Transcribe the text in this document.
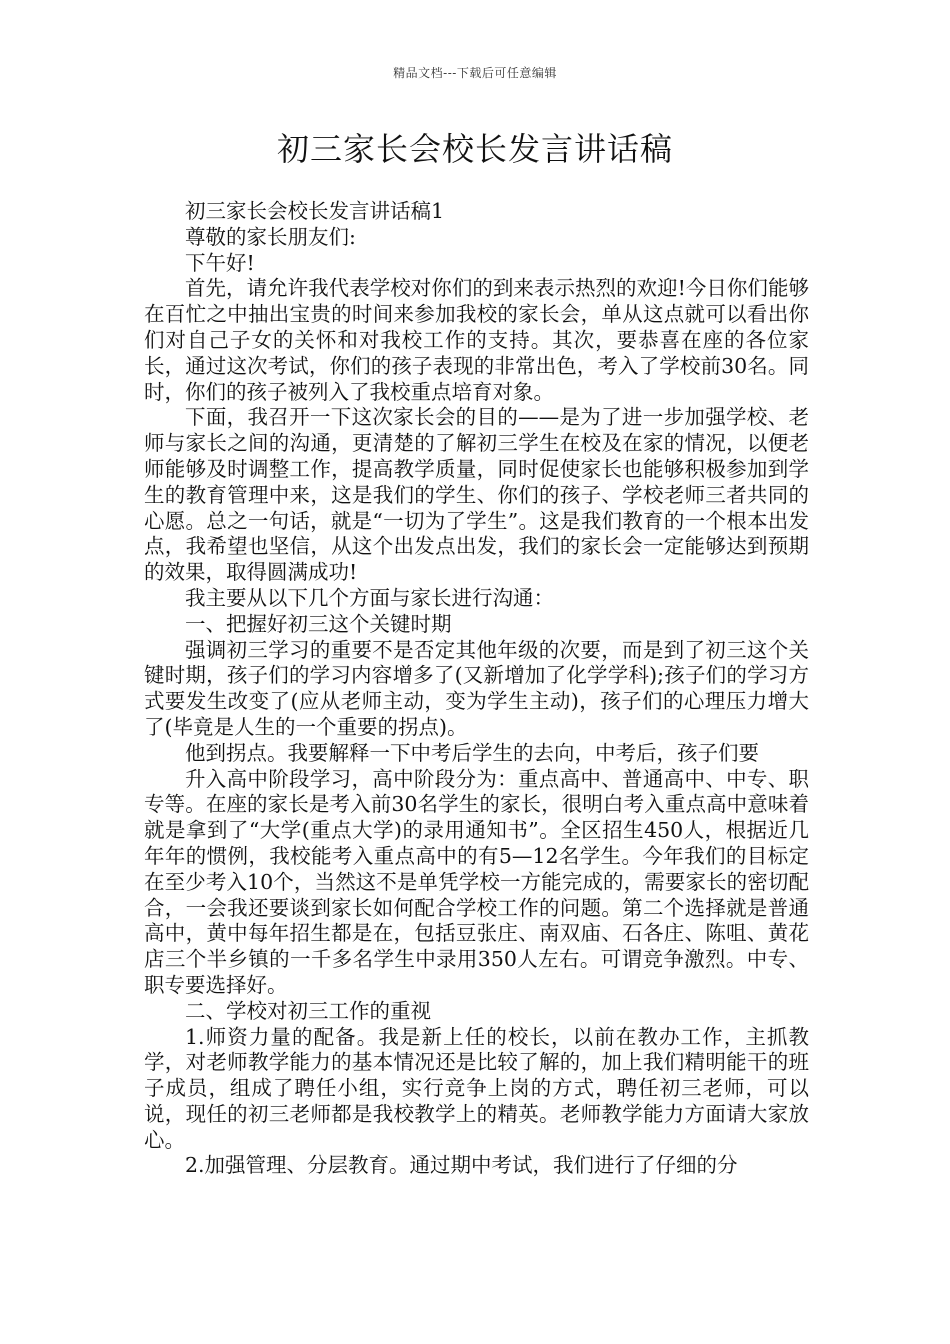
精品文档---下载后可任意编辑
初三家长会校长发言讲话稿

初三家长会校长发言讲话稿1

尊敬的家长朋友们:

下午好!

首先，请允许我代表学校对你们的到来表示热烈的欢迎!今日你们能够在百忙之中抽出宝贵的时间来参加我校的家长会，单从这点就可以看出你们对自己子女的关怀和对我校工作的支持。其次，要恭喜在座的各位家长，通过这次考试，你们的孩子表现的非常出色，考入了学校前30名。同时，你们的孩子被列入了我校重点培育对象。

下面，我召开一下这次家长会的目的——是为了进一步加强学校、老师与家长之间的沟通，更清楚的了解初三学生在校及在家的情况，以便老师能够及时调整工作，提高教学质量，同时促使家长也能够积极参加到学生的教育管理中来，这是我们的学生、你们的孩子、学校老师三者共同的心愿。总之一句话，就是“一切为了学生”。这是我们教育的一个根本出发点，我希望也坚信，从这个出发点出发，我们的家长会一定能够达到预期的效果，取得圆满成功!

我主要从以下几个方面与家长进行沟通：

一、把握好初三这个关键时期

强调初三学习的重要不是否定其他年级的次要，而是到了初三这个关键时期，孩子们的学习内容增多了(又新增加了化学学科);孩子们的学习方式要发生改变了(应从老师主动，变为学生主动)，孩子们的心理压力增大了(毕竟是人生的一个重要的拐点)。

他到拐点。我要解释一下中考后学生的去向，中考后，孩子们要

升入高中阶段学习，高中阶段分为：重点高中、普通高中、中专、职专等。在座的家长是考入前30名学生的家长，很明白考入重点高中意味着就是拿到了“大学(重点大学)的录用通知书”。全区招生450人，根据近几年年的惯例，我校能考入重点高中的有5—12名学生。今年我们的目标定在至少考入10个，当然这不是单凭学校一方能完成的，需要家长的密切配合，一会我还要谈到家长如何配合学校工作的问题。第二个选择就是普通高中，黄中每年招生都是在，包括豆张庄、南双庙、石各庄、陈咀、黄花店三个半乡镇的一千多名学生中录用350人左右。可谓竞争激烈。中专、职专要选择好。

二、学校对初三工作的重视

1.师资力量的配备。我是新上任的校长，以前在教办工作，主抓教学，对老师教学能力的基本情况还是比较了解的，加上我们精明能干的班子成员，组成了聘任小组，实行竞争上岗的方式，聘任初三老师，可以说，现任的初三老师都是我校教学上的精英。老师教学能力方面请大家放心。

2.加强管理、分层教育。通过期中考试，我们进行了仔细的分
